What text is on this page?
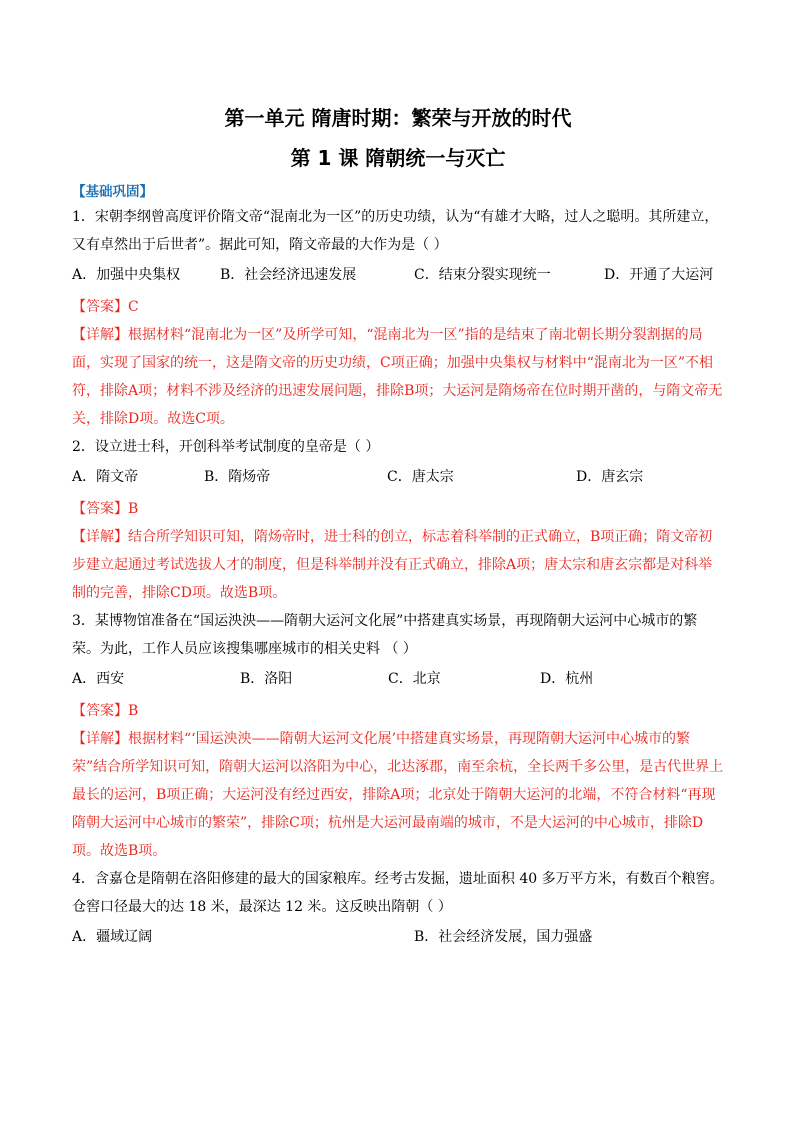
第一单元 隋唐时期：繁荣与开放的时代
第 1 课 隋朝统一与灭亡
【基础巩固】

1．宋朝李纲曾高度评价隋文帝“混南北为一区”的历史功绩，认为“有雄才大略，过人之聪明。其所建立，又有卓然出于后世者”。据此可知，隋文帝最的大作为是（ ）

A．加强中央集权	B．社会经济迅速发展	C．结束分裂实现统一	D．开通了大运河

【答案】C

【详解】根据材料“混南北为一区”及所学可知，“混南北为一区”指的是结束了南北朝长期分裂割据的局面，实现了国家的统一，这是隋文帝的历史功绩，C项正确；加强中央集权与材料中“混南北为一区”不相符，排除A项；材料不涉及经济的迅速发展问题，排除B项；大运河是隋炀帝在位时期开凿的，与隋文帝无关，排除D项。故选C项。

2．设立进士科，开创科举考试制度的皇帝是（ ）

A．隋文帝	B．隋炀帝	C．唐太宗	D．唐玄宗

【答案】B

【详解】结合所学知识可知，隋炀帝时，进士科的创立，标志着科举制的正式确立，B项正确；隋文帝初步建立起通过考试选拔人才的制度，但是科举制并没有正式确立，排除A项；唐太宗和唐玄宗都是对科举制的完善，排除CD项。故选B项。

3．某博物馆准备在“国运泱泱——隋朝大运河文化展”中搭建真实场景，再现隋朝大运河中心城市的繁荣。为此，工作人员应该搜集哪座城市的相关史料 （ ）

A．西安	B．洛阳	C．北京	D．杭州

【答案】B

【详解】根据材料“‘国运泱泱——隋朝大运河文化展’中搭建真实场景，再现隋朝大运河中心城市的繁荣”结合所学知识可知，隋朝大运河以洛阳为中心，北达涿郡，南至余杭，全长两千多公里，是古代世界上最长的运河，B项正确；大运河没有经过西安，排除A项；北京处于隋朝大运河的北端，不符合材料“再现隋朝大运河中心城市的繁荣”，排除C项；杭州是大运河最南端的城市，不是大运河的中心城市，排除D项。故选B项。

4．含嘉仓是隋朝在洛阳修建的最大的国家粮库。经考古发掘，遗址面积 40 多万平方米，有数百个粮窖。仓窖口径最大的达 18 米，最深达 12 米。这反映出隋朝（ ）

A．疆域辽阔	B．社会经济发展，国力强盛
